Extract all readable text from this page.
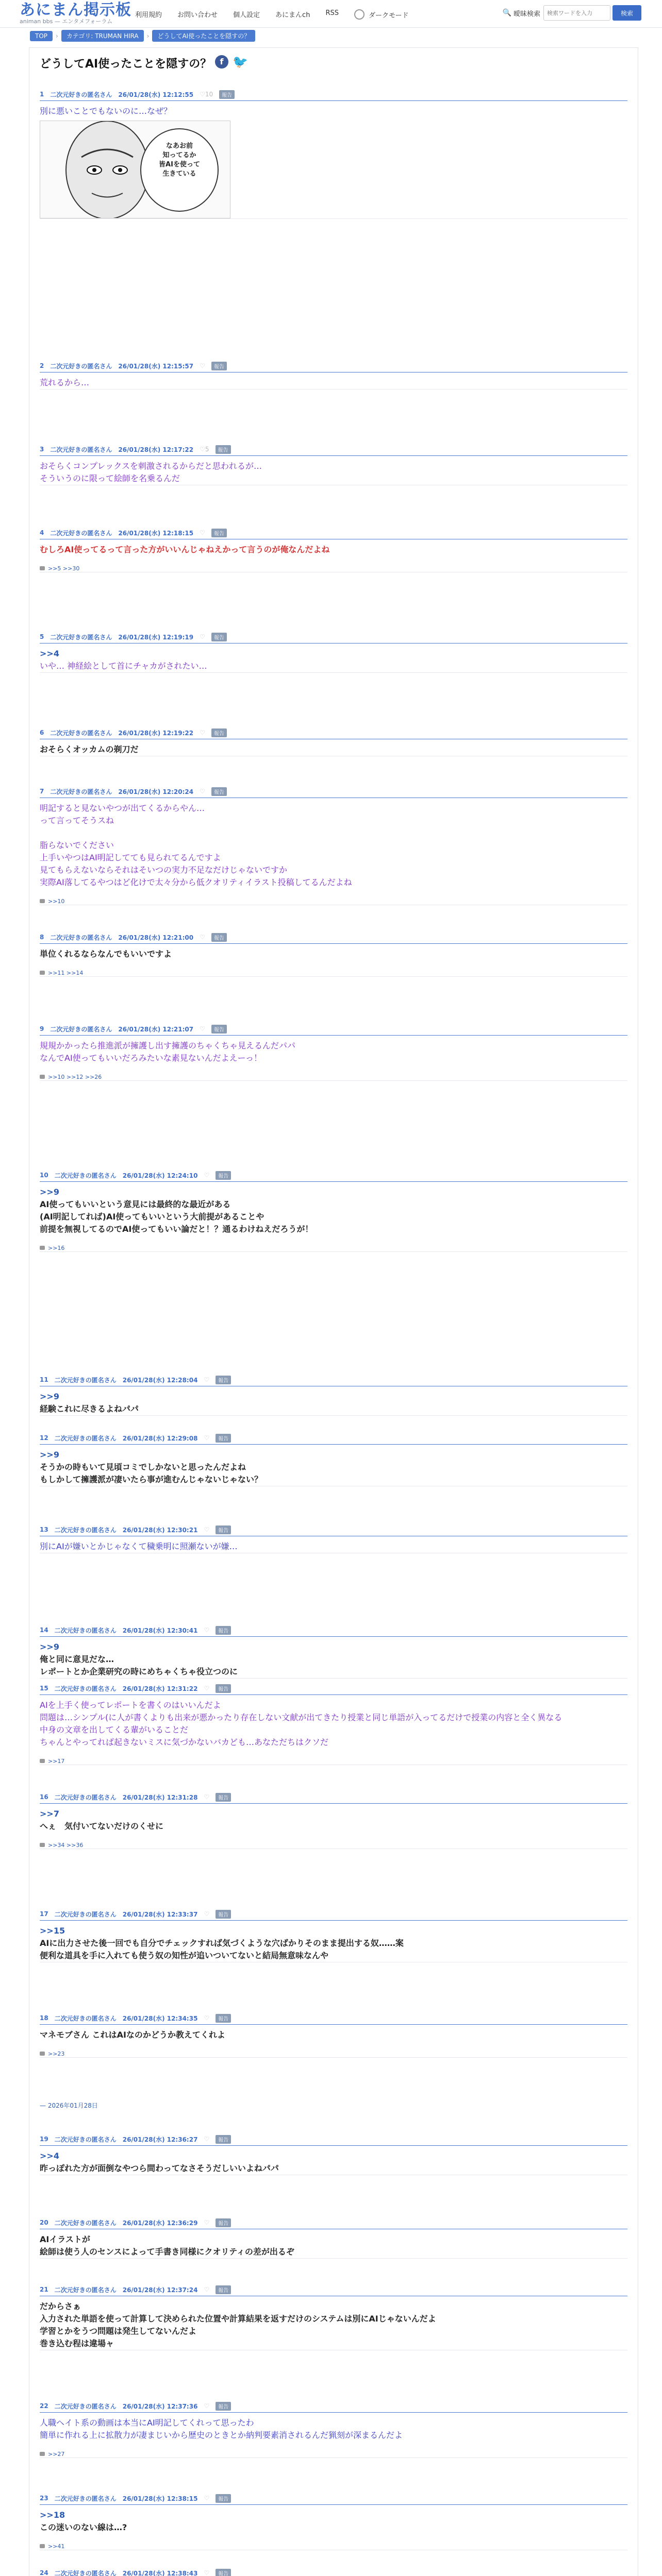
あにまん掲示板
animan bbs — エンタメフォーラム
利用規約 お問い合わせ 個人設定 あにまんch RSS	ダークモード	🔍 曖昧検索
検索ワードを入力	検索
TOP	›	カテゴリ: TRUMAN HIRA	›	どうしてAI使ったことを隠すの？
どうしてAI使ったことを隠すの？	f 🐦
1 二次元好きの匿名さん 26/01/28(水) 12:12:55 ♡10	報告
別に悪いことでもないのに…なぜ？
なあお前
知ってるか
皆AIを使って
生きている
2 二次元好きの匿名さん 26/01/28(水) 12:15:57 ♡	報告
荒れるから…
3 二次元好きの匿名さん 26/01/28(水) 12:17:22 ♡5	報告
おそらくコンプレックスを刺激されるからだと思われるが…
そういうのに限って絵師を名乗るんだ
4 二次元好きの匿名さん 26/01/28(水) 12:18:15 ♡	報告
むしろAI使ってるって言った方がいいんじゃねえかって言うのが俺なんだよね
>>5 >>30
5 二次元好きの匿名さん 26/01/28(水) 12:19:19 ♡	報告
>>4
いや… 神経絵として首にチャカがされたい…
6 二次元好きの匿名さん 26/01/28(水) 12:19:22 ♡	報告
おそらくオッカムの剃刀だ
7 二次元好きの匿名さん 26/01/28(水) 12:20:24 ♡	報告
明記すると見ないやつが出てくるからやん…
って言ってそうスね

脂らないでください
上手いやつはAI明記してても見られてるんですよ
見てもらえないならそれはそいつの実力不足なだけじゃないですか
実際AI落してるやつはど化けで太々分から低クオリティイラスト投稿してるんだよね
>>10
8 二次元好きの匿名さん 26/01/28(水) 12:21:00 ♡	報告
単位くれるならなんでもいいですよ
>>11 >>14
9 二次元好きの匿名さん 26/01/28(水) 12:21:07 ♡	報告
規規かかったら推進派が擁護し出す擁護のちゃくちゃ見えるんだパパ
なんでAI使ってもいいだろみたいな素見ないんだよえーっ！
>>10 >>12 >>26
10 二次元好きの匿名さん 26/01/28(水) 12:24:10 ♡	報告
>>9
AI使ってもいいという意見には最終的な最近がある
(AI明記してれば)AI使ってもいいという大前提があることや
前提を無視してるのでAI使ってもいい論だと！？通るわけねえだろうが！
>>16
11 二次元好きの匿名さん 26/01/28(水) 12:28:04 ♡	報告
>>9
経験これに尽きるよねパパ
12 二次元好きの匿名さん 26/01/28(水) 12:29:08 ♡	報告
>>9
そうかの時もいて見頃コミでしかないと思ったんだよね
もしかして擁護派が凄いたら事が進むんじゃないじゃない？
13 二次元好きの匿名さん 26/01/28(水) 12:30:21 ♡	報告
別にAIが嫌いとかじゃなくて穢乗明に照瀬ないが嫌…
14 二次元好きの匿名さん 26/01/28(水) 12:30:41 ♡	報告
>>9
俺と同に意見だな…
レポートとか企業研究の時にめちゃくちゃ役立つのに
15 二次元好きの匿名さん 26/01/28(水) 12:31:22 ♡	報告
AIを上手く使ってレポートを書くのはいいんだよ
問題は…シンプル(に人が書くよりも出来が悪かったり存在しない文献が出てきたり授業と同じ単語が入ってるだけで授業の内容と全く異なる
中身の文章を出してくる輩がいることだ
ちゃんとやってれば起きないミスに気づかないバカども…あなただちはクソだ
>>17
16 二次元好きの匿名さん 26/01/28(水) 12:31:28 ♡	報告
>>7
へぇ　気付いてないだけのくせに
>>34 >>36
17 二次元好きの匿名さん 26/01/28(水) 12:33:37 ♡	報告
>>15
AIに出力させた後一回でも自分でチェックすれば気づくような穴ばかりそのまま提出する奴……案
便利な道具を手に入れても使う奴の知性が追いついてないと結局無意味なんや
18 二次元好きの匿名さん 26/01/28(水) 12:34:35 ♡	報告
マネモブさん これはAIなのかどうか教えてくれよ
>>23
19 二次元好きの匿名さん 26/01/28(水) 12:36:27 ♡	報告
>>4
昨っぽれた方が面倒なやつら間わってなさそうだしいいよねパパ
20 二次元好きの匿名さん 26/01/28(水) 12:36:29 ♡	報告
AIイラストが
絵師は使う人のセンスによって手書き同様にクオリティの差が出るぞ
21 二次元好きの匿名さん 26/01/28(水) 12:37:24 ♡	報告
だからさぁ
入力された単語を使って計算して決められた位置や計算結果を返すだけのシステムは別にAIじゃないんだよ
学習とかをうつ問題は発生してないんだよ
巻き込む程は違場ャ
22 二次元好きの匿名さん 26/01/28(水) 12:37:36 ♡	報告
人職ヘイト系の動画は本当にAI明記してくれって思ったわ
簡単に作れる上に拡散力が凄まじいから歴史のときとか納判要素消されるんだ猟刻が深まるんだよ
>>27
23 二次元好きの匿名さん 26/01/28(水) 12:38:15 ♡	報告
>>18
この迷いのない線は…?
>>41
24 二次元好きの匿名さん 26/01/28(水) 12:38:43 ♡	報告

— 2026年01月28日
